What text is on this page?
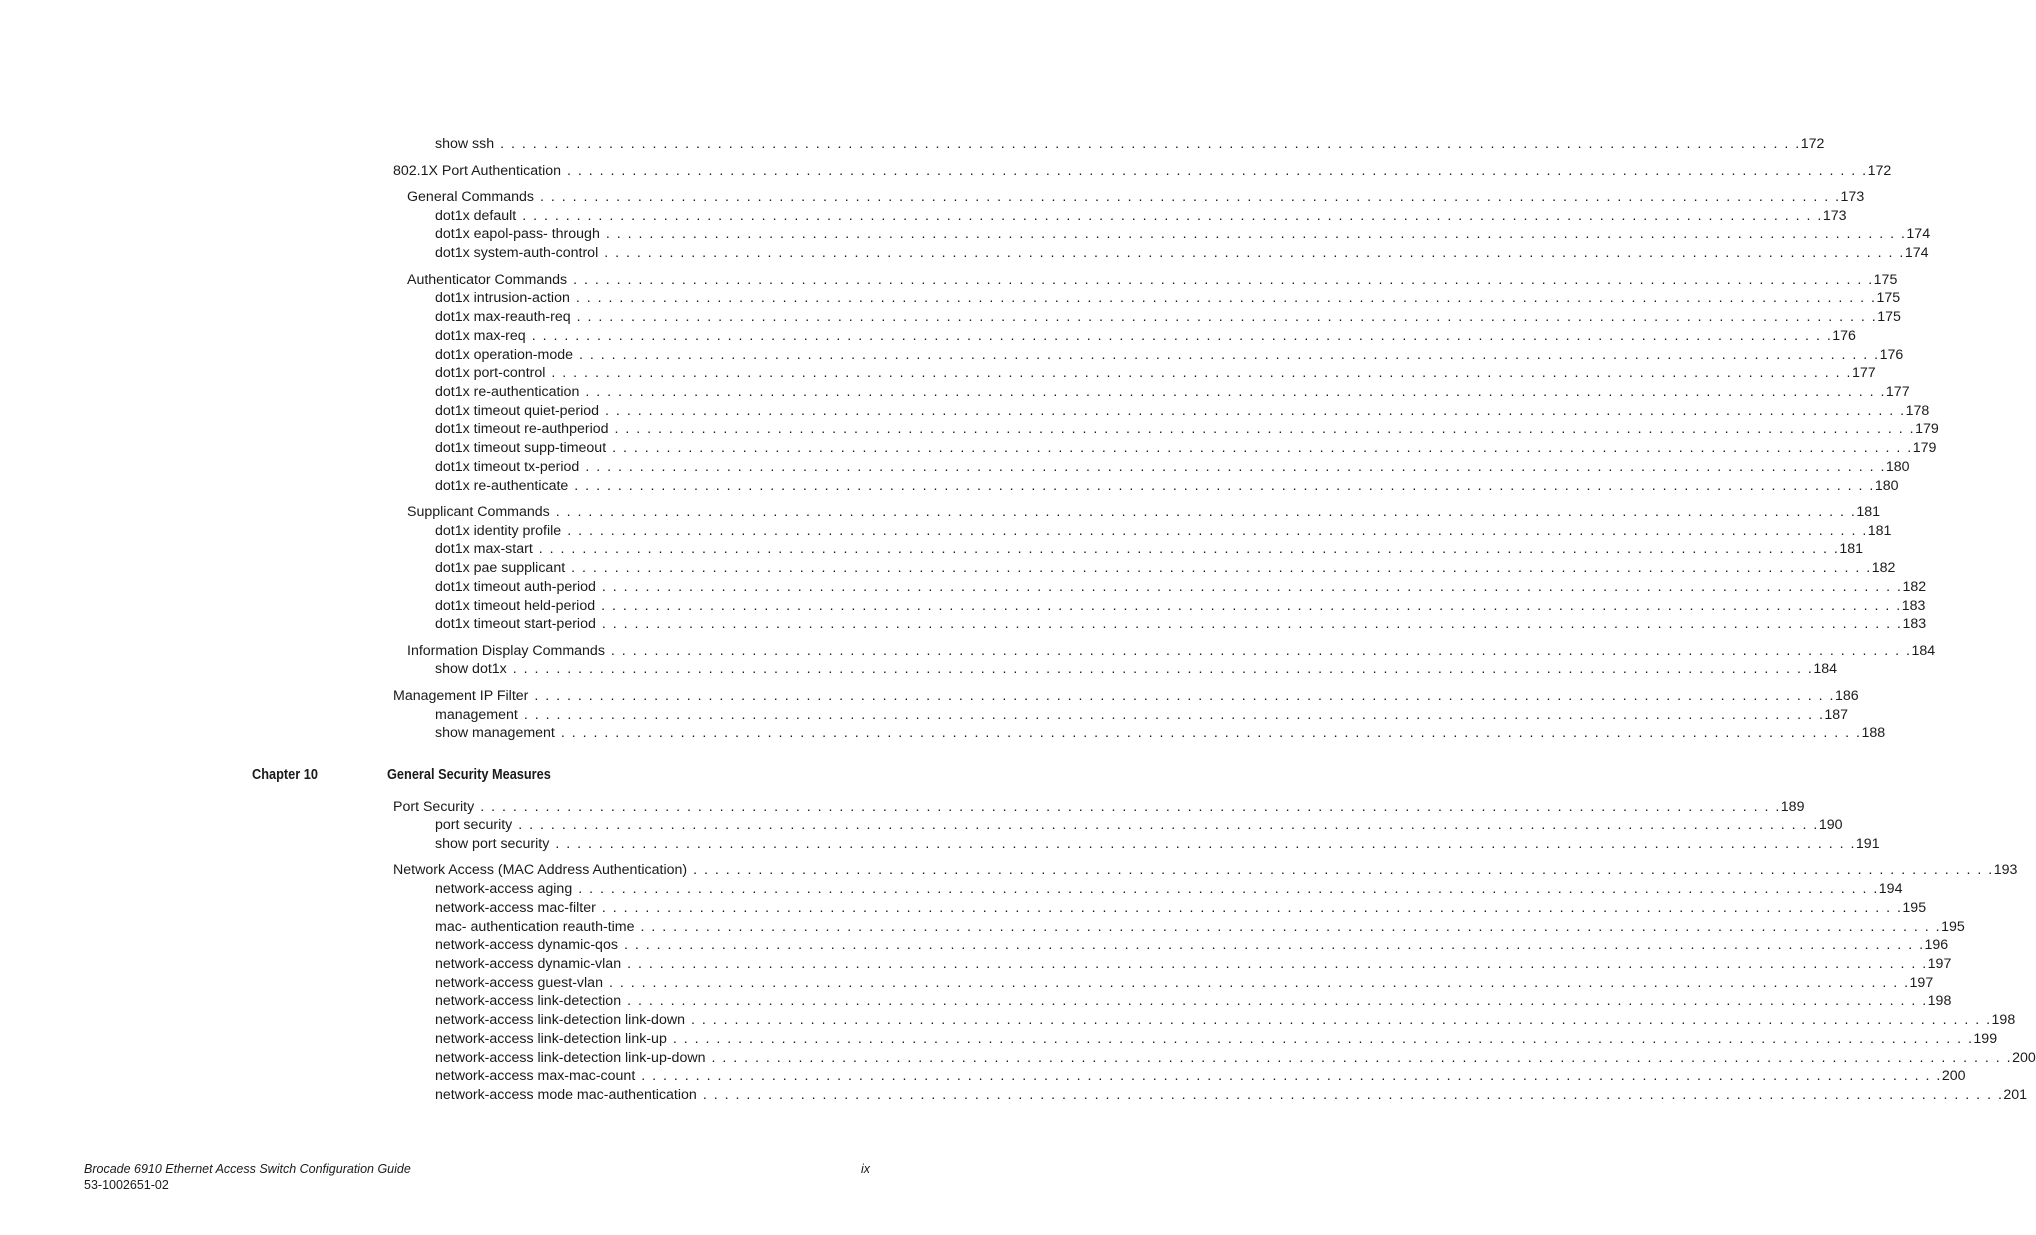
show ssh . . . . . . . . . . . . . . . . . . . . . . . . . . . . . . . . . . . . . . . . . . . . . . . . . . . . . . . . . . . . . . . . . . . . . . . . . . . . . . . . . . . . . . . . . . . . . . . . . . . . . . . . . . . . . . . . . . . . . . . . 172
802.1X Port Authentication . . . . . . . . . . . . . . . . . . . . . . . . . . . . . . . . . . . . . . . . . . . . . . . . . . . . . . . . . . . . . . . . . . . . . . . . . . . . . . . . . . . . . . . . . . . . . . . . . . . . . . . . . . . . . . . . . . . . . . . . 172
General Commands . . . . . . . . . . . . . . . . . . . . . . . . . . . . . . . . . . . . . . . . . . . . . . . . . . . . . . . . . . . . . . . . . . . . . . . . . . . . . . . . . . . . . . . . . . . . . . . . . . . . . . . . . . . . . . . . . . . . . . . . 173
dot1x default . . . . . . . . . . . . . . . . . . . . . . . . . . . . . . . . . . . . . . . . . . . . . . . . . . . . . . . . . . . . . . . . . . . . . . . . . . . . . . . . . . . . . . . . . . . . . . . . . . . . . . . . . . . . . . . . . . . . . . . . 173
dot1x eapol-pass- through . . . . . . . . . . . . . . . . . . . . . . . . . . . . . . . . . . . . . . . . . . . . . . . . . . . . . . . . . . . . . . . . . . . . . . . . . . . . . . . . . . . . . . . . . . . . . . . . . . . . . . . . . . . . . . . . . . . . . . . . 174
dot1x system-auth-control . . . . . . . . . . . . . . . . . . . . . . . . . . . . . . . . . . . . . . . . . . . . . . . . . . . . . . . . . . . . . . . . . . . . . . . . . . . . . . . . . . . . . . . . . . . . . . . . . . . . . . . . . . . . . . . . . . . . . . . . 174
Authenticator Commands . . . . . . . . . . . . . . . . . . . . . . . . . . . . . . . . . . . . . . . . . . . . . . . . . . . . . . . . . . . . . . . . . . . . . . . . . . . . . . . . . . . . . . . . . . . . . . . . . . . . . . . . . . . . . . . . . . . . . . . . 175
dot1x intrusion-action . . . . . . . . . . . . . . . . . . . . . . . . . . . . . . . . . . . . . . . . . . . . . . . . . . . . . . . . . . . . . . . . . . . . . . . . . . . . . . . . . . . . . . . . . . . . . . . . . . . . . . . . . . . . . . . . . . . . . . . . 175
dot1x max-reauth-req . . . . . . . . . . . . . . . . . . . . . . . . . . . . . . . . . . . . . . . . . . . . . . . . . . . . . . . . . . . . . . . . . . . . . . . . . . . . . . . . . . . . . . . . . . . . . . . . . . . . . . . . . . . . . . . . . . . . . . . . 175
dot1x max-req . . . . . . . . . . . . . . . . . . . . . . . . . . . . . . . . . . . . . . . . . . . . . . . . . . . . . . . . . . . . . . . . . . . . . . . . . . . . . . . . . . . . . . . . . . . . . . . . . . . . . . . . . . . . . . . . . . . . . . . . 176
dot1x operation-mode . . . . . . . . . . . . . . . . . . . . . . . . . . . . . . . . . . . . . . . . . . . . . . . . . . . . . . . . . . . . . . . . . . . . . . . . . . . . . . . . . . . . . . . . . . . . . . . . . . . . . . . . . . . . . . . . . . . . . . . . 176
dot1x port-control . . . . . . . . . . . . . . . . . . . . . . . . . . . . . . . . . . . . . . . . . . . . . . . . . . . . . . . . . . . . . . . . . . . . . . . . . . . . . . . . . . . . . . . . . . . . . . . . . . . . . . . . . . . . . . . . . . . . . . . . 177
dot1x re-authentication . . . . . . . . . . . . . . . . . . . . . . . . . . . . . . . . . . . . . . . . . . . . . . . . . . . . . . . . . . . . . . . . . . . . . . . . . . . . . . . . . . . . . . . . . . . . . . . . . . . . . . . . . . . . . . . . . . . . . . . . 177
dot1x timeout quiet-period . . . . . . . . . . . . . . . . . . . . . . . . . . . . . . . . . . . . . . . . . . . . . . . . . . . . . . . . . . . . . . . . . . . . . . . . . . . . . . . . . . . . . . . . . . . . . . . . . . . . . . . . . . . . . . . . . . . . . . . . 178
dot1x timeout re-authperiod . . . . . . . . . . . . . . . . . . . . . . . . . . . . . . . . . . . . . . . . . . . . . . . . . . . . . . . . . . . . . . . . . . . . . . . . . . . . . . . . . . . . . . . . . . . . . . . . . . . . . . . . . . . . . . . . . . . . . . . . 179
dot1x timeout supp-timeout . . . . . . . . . . . . . . . . . . . . . . . . . . . . . . . . . . . . . . . . . . . . . . . . . . . . . . . . . . . . . . . . . . . . . . . . . . . . . . . . . . . . . . . . . . . . . . . . . . . . . . . . . . . . . . . . . . . . . . . . 179
dot1x timeout tx-period . . . . . . . . . . . . . . . . . . . . . . . . . . . . . . . . . . . . . . . . . . . . . . . . . . . . . . . . . . . . . . . . . . . . . . . . . . . . . . . . . . . . . . . . . . . . . . . . . . . . . . . . . . . . . . . . . . . . . . . . 180
dot1x re-authenticate . . . . . . . . . . . . . . . . . . . . . . . . . . . . . . . . . . . . . . . . . . . . . . . . . . . . . . . . . . . . . . . . . . . . . . . . . . . . . . . . . . . . . . . . . . . . . . . . . . . . . . . . . . . . . . . . . . . . . . . . 180
Supplicant Commands . . . . . . . . . . . . . . . . . . . . . . . . . . . . . . . . . . . . . . . . . . . . . . . . . . . . . . . . . . . . . . . . . . . . . . . . . . . . . . . . . . . . . . . . . . . . . . . . . . . . . . . . . . . . . . . . . . . . . . . . 181
dot1x identity profile . . . . . . . . . . . . . . . . . . . . . . . . . . . . . . . . . . . . . . . . . . . . . . . . . . . . . . . . . . . . . . . . . . . . . . . . . . . . . . . . . . . . . . . . . . . . . . . . . . . . . . . . . . . . . . . . . . . . . . . . 181
dot1x max-start . . . . . . . . . . . . . . . . . . . . . . . . . . . . . . . . . . . . . . . . . . . . . . . . . . . . . . . . . . . . . . . . . . . . . . . . . . . . . . . . . . . . . . . . . . . . . . . . . . . . . . . . . . . . . . . . . . . . . . . . 181
dot1x pae supplicant . . . . . . . . . . . . . . . . . . . . . . . . . . . . . . . . . . . . . . . . . . . . . . . . . . . . . . . . . . . . . . . . . . . . . . . . . . . . . . . . . . . . . . . . . . . . . . . . . . . . . . . . . . . . . . . . . . . . . . . . 182
dot1x timeout auth-period . . . . . . . . . . . . . . . . . . . . . . . . . . . . . . . . . . . . . . . . . . . . . . . . . . . . . . . . . . . . . . . . . . . . . . . . . . . . . . . . . . . . . . . . . . . . . . . . . . . . . . . . . . . . . . . . . . . . . . . . 182
dot1x timeout held-period . . . . . . . . . . . . . . . . . . . . . . . . . . . . . . . . . . . . . . . . . . . . . . . . . . . . . . . . . . . . . . . . . . . . . . . . . . . . . . . . . . . . . . . . . . . . . . . . . . . . . . . . . . . . . . . . . . . . . . . . 183
dot1x timeout start-period . . . . . . . . . . . . . . . . . . . . . . . . . . . . . . . . . . . . . . . . . . . . . . . . . . . . . . . . . . . . . . . . . . . . . . . . . . . . . . . . . . . . . . . . . . . . . . . . . . . . . . . . . . . . . . . . . . . . . . . . 183
Information Display Commands . . . . . . . . . . . . . . . . . . . . . . . . . . . . . . . . . . . . . . . . . . . . . . . . . . . . . . . . . . . . . . . . . . . . . . . . . . . . . . . . . . . . . . . . . . . . . . . . . . . . . . . . . . . . . . . . . . . . . . . . 184
show dot1x . . . . . . . . . . . . . . . . . . . . . . . . . . . . . . . . . . . . . . . . . . . . . . . . . . . . . . . . . . . . . . . . . . . . . . . . . . . . . . . . . . . . . . . . . . . . . . . . . . . . . . . . . . . . . . . . . . . . . . . . 184
Management IP Filter . . . . . . . . . . . . . . . . . . . . . . . . . . . . . . . . . . . . . . . . . . . . . . . . . . . . . . . . . . . . . . . . . . . . . . . . . . . . . . . . . . . . . . . . . . . . . . . . . . . . . . . . . . . . . . . . . . . . . . . . 186
management . . . . . . . . . . . . . . . . . . . . . . . . . . . . . . . . . . . . . . . . . . . . . . . . . . . . . . . . . . . . . . . . . . . . . . . . . . . . . . . . . . . . . . . . . . . . . . . . . . . . . . . . . . . . . . . . . . . . . . . . 187
show management . . . . . . . . . . . . . . . . . . . . . . . . . . . . . . . . . . . . . . . . . . . . . . . . . . . . . . . . . . . . . . . . . . . . . . . . . . . . . . . . . . . . . . . . . . . . . . . . . . . . . . . . . . . . . . . . . . . . . . . . 188
Chapter 10	General Security Measures
Port Security . . . . . . . . . . . . . . . . . . . . . . . . . . . . . . . . . . . . . . . . . . . . . . . . . . . . . . . . . . . . . . . . . . . . . . . . . . . . . . . . . . . . . . . . . . . . . . . . . . . . . . . . . . . . . . . . . . . . . . . . 189
port security . . . . . . . . . . . . . . . . . . . . . . . . . . . . . . . . . . . . . . . . . . . . . . . . . . . . . . . . . . . . . . . . . . . . . . . . . . . . . . . . . . . . . . . . . . . . . . . . . . . . . . . . . . . . . . . . . . . . . . . . 190
show port security . . . . . . . . . . . . . . . . . . . . . . . . . . . . . . . . . . . . . . . . . . . . . . . . . . . . . . . . . . . . . . . . . . . . . . . . . . . . . . . . . . . . . . . . . . . . . . . . . . . . . . . . . . . . . . . . . . . . . . . . 191
Network Access (MAC Address Authentication) . . . . . . . . . . . . . . . . . . . . . . . . . . . . . . . . . . . . . . . . . . . . . . . . . . . . . . . . . . . . . . . . . . . . . . . . . . . . . . . . . . . . . . . . . . . . . . . . . . . . . . . . . . . . . . . . . . . . . . . . 193
network-access aging . . . . . . . . . . . . . . . . . . . . . . . . . . . . . . . . . . . . . . . . . . . . . . . . . . . . . . . . . . . . . . . . . . . . . . . . . . . . . . . . . . . . . . . . . . . . . . . . . . . . . . . . . . . . . . . . . . . . . . . . 194
network-access mac-filter . . . . . . . . . . . . . . . . . . . . . . . . . . . . . . . . . . . . . . . . . . . . . . . . . . . . . . . . . . . . . . . . . . . . . . . . . . . . . . . . . . . . . . . . . . . . . . . . . . . . . . . . . . . . . . . . . . . . . . . . 195
mac- authentication reauth-time . . . . . . . . . . . . . . . . . . . . . . . . . . . . . . . . . . . . . . . . . . . . . . . . . . . . . . . . . . . . . . . . . . . . . . . . . . . . . . . . . . . . . . . . . . . . . . . . . . . . . . . . . . . . . . . . . . . . . . . . 195
network-access dynamic-qos . . . . . . . . . . . . . . . . . . . . . . . . . . . . . . . . . . . . . . . . . . . . . . . . . . . . . . . . . . . . . . . . . . . . . . . . . . . . . . . . . . . . . . . . . . . . . . . . . . . . . . . . . . . . . . . . . . . . . . . . 196
network-access dynamic-vlan . . . . . . . . . . . . . . . . . . . . . . . . . . . . . . . . . . . . . . . . . . . . . . . . . . . . . . . . . . . . . . . . . . . . . . . . . . . . . . . . . . . . . . . . . . . . . . . . . . . . . . . . . . . . . . . . . . . . . . . . 197
network-access guest-vlan . . . . . . . . . . . . . . . . . . . . . . . . . . . . . . . . . . . . . . . . . . . . . . . . . . . . . . . . . . . . . . . . . . . . . . . . . . . . . . . . . . . . . . . . . . . . . . . . . . . . . . . . . . . . . . . . . . . . . . . . 197
network-access link-detection . . . . . . . . . . . . . . . . . . . . . . . . . . . . . . . . . . . . . . . . . . . . . . . . . . . . . . . . . . . . . . . . . . . . . . . . . . . . . . . . . . . . . . . . . . . . . . . . . . . . . . . . . . . . . . . . . . . . . . . . 198
network-access link-detection link-down . . . . . . . . . . . . . . . . . . . . . . . . . . . . . . . . . . . . . . . . . . . . . . . . . . . . . . . . . . . . . . . . . . . . . . . . . . . . . . . . . . . . . . . . . . . . . . . . . . . . . . . . . . . . . . . . . . . . . . . . 198
network-access link-detection link-up . . . . . . . . . . . . . . . . . . . . . . . . . . . . . . . . . . . . . . . . . . . . . . . . . . . . . . . . . . . . . . . . . . . . . . . . . . . . . . . . . . . . . . . . . . . . . . . . . . . . . . . . . . . . . . . . . . . . . . . . 199
network-access link-detection link-up-down . . . . . . . . . . . . . . . . . . . . . . . . . . . . . . . . . . . . . . . . . . . . . . . . . . . . . . . . . . . . . . . . . . . . . . . . . . . . . . . . . . . . . . . . . . . . . . . . . . . . . . . . . . . . . . . . . . . . . . . . 200
network-access max-mac-count . . . . . . . . . . . . . . . . . . . . . . . . . . . . . . . . . . . . . . . . . . . . . . . . . . . . . . . . . . . . . . . . . . . . . . . . . . . . . . . . . . . . . . . . . . . . . . . . . . . . . . . . . . . . . . . . . . . . . . . . 200
network-access mode mac-authentication . . . . . . . . . . . . . . . . . . . . . . . . . . . . . . . . . . . . . . . . . . . . . . . . . . . . . . . . . . . . . . . . . . . . . . . . . . . . . . . . . . . . . . . . . . . . . . . . . . . . . . . . . . . . . . . . . . . . . . . . 201
Brocade 6910 Ethernet Access Switch Configuration Guide
53-1002651-02
ix
